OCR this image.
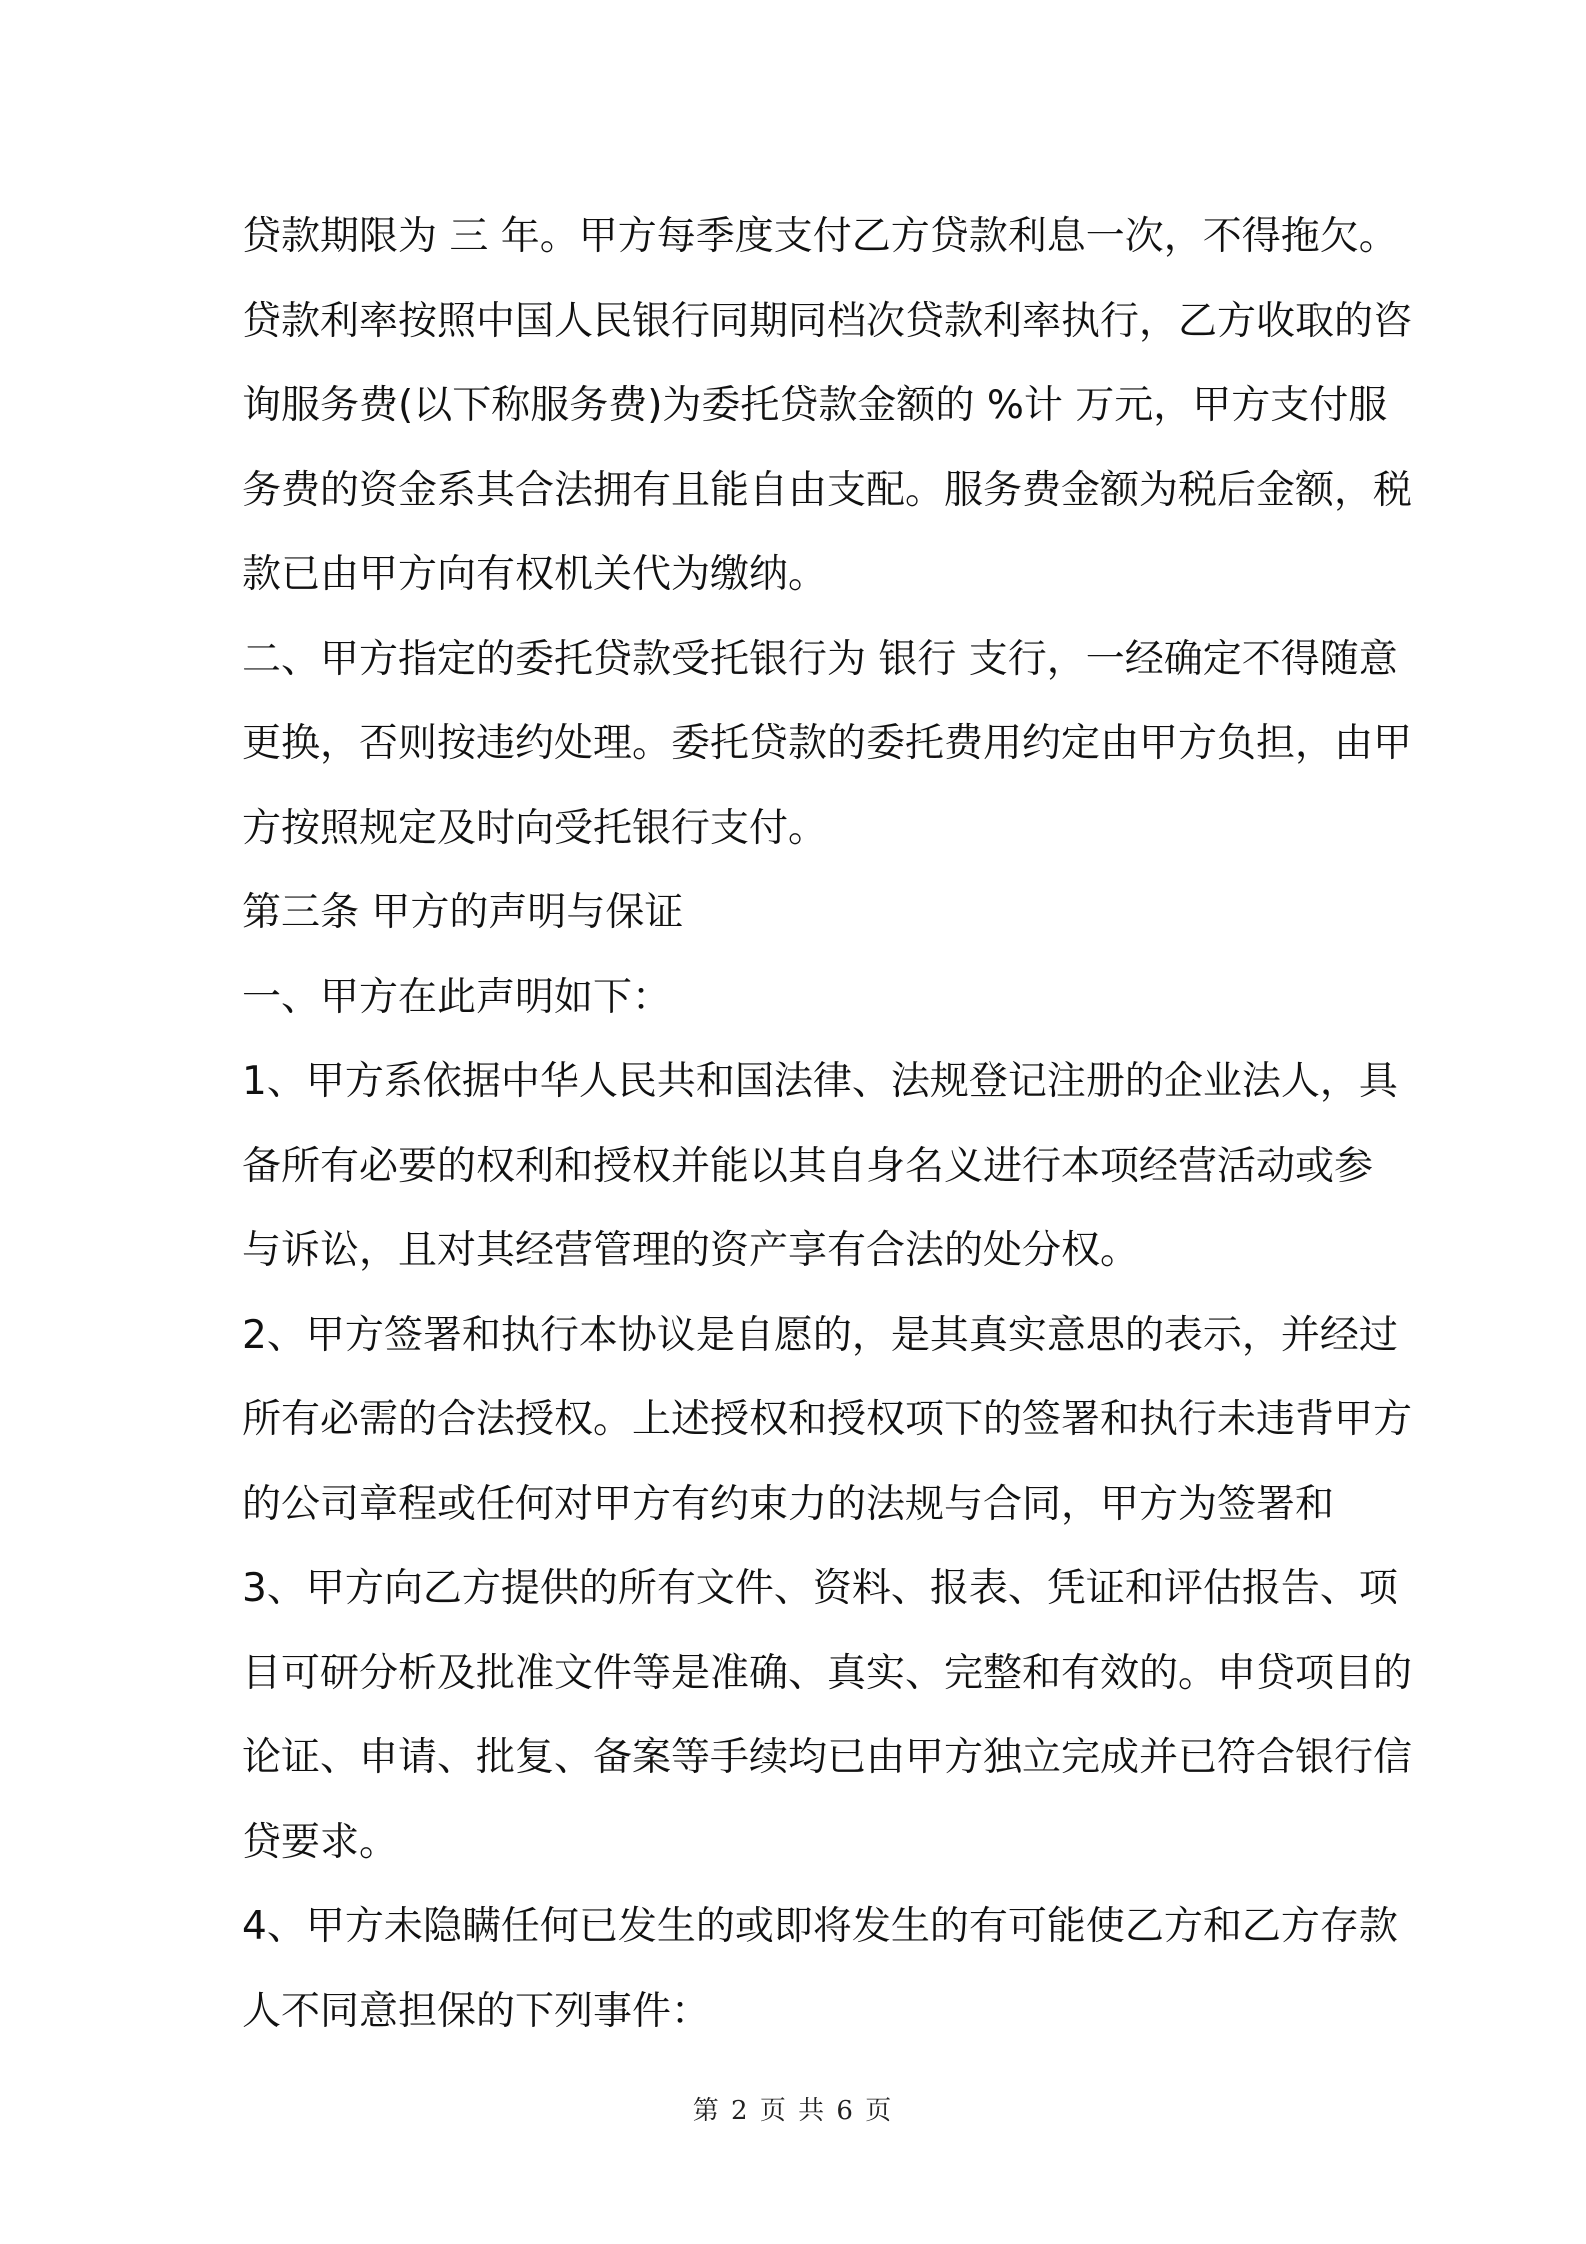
贷款期限为 三 年。甲方每季度支付乙方贷款利息一次，不得拖欠。
贷款利率按照中国人民银行同期同档次贷款利率执行，乙方收取的咨
询服务费(以下称服务费)为委托贷款金额的 %计 万元，甲方支付服
务费的资金系其合法拥有且能自由支配。服务费金额为税后金额，税
款已由甲方向有权机关代为缴纳。
二、甲方指定的委托贷款受托银行为 银行 支行，一经确定不得随意
更换，否则按违约处理。委托贷款的委托费用约定由甲方负担，由甲
方按照规定及时向受托银行支付。
第三条 甲方的声明与保证
一、甲方在此声明如下：
1、甲方系依据中华人民共和国法律、法规登记注册的企业法人，具
备所有必要的权利和授权并能以其自身名义进行本项经营活动或参
与诉讼，且对其经营管理的资产享有合法的处分权。
2、甲方签署和执行本协议是自愿的，是其真实意思的表示，并经过
所有必需的合法授权。上述授权和授权项下的签署和执行未违背甲方
的公司章程或任何对甲方有约束力的法规与合同，甲方为签署和
3、甲方向乙方提供的所有文件、资料、报表、凭证和评估报告、项
目可研分析及批准文件等是准确、真实、完整和有效的。申贷项目的
论证、申请、批复、备案等手续均已由甲方独立完成并已符合银行信
贷要求。
4、甲方未隐瞒任何已发生的或即将发生的有可能使乙方和乙方存款
人不同意担保的下列事件：
第 2 页 共 6 页
